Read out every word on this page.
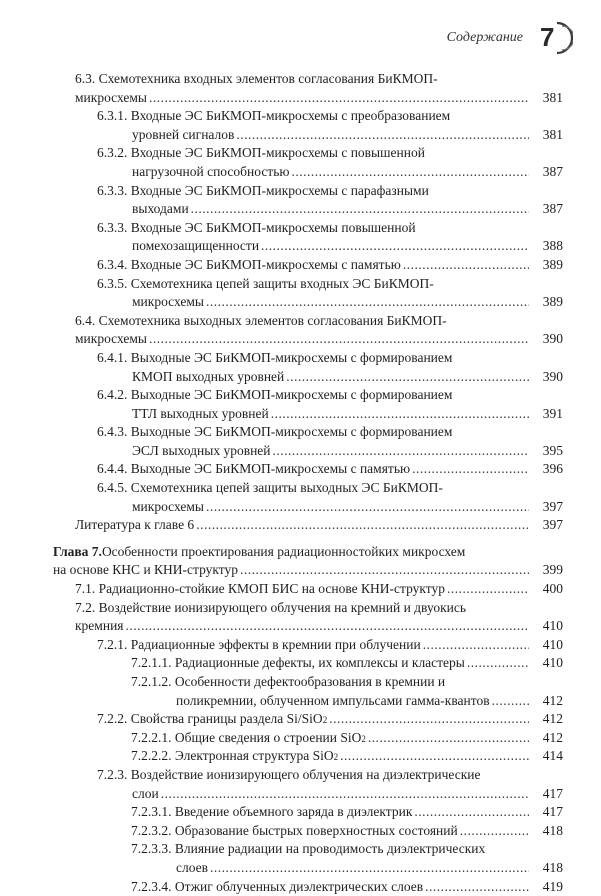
Содержание 7
6.3. Схемотехника входных элементов согласования БиКМОП-
микросхемы .....	381
6.3.1. Входные ЭС БиКМОП-микросхемы с преобразованием
уровней сигналов .....	381
6.3.2. Входные ЭС БиКМОП-микросхемы с повышенной
нагрузочной способностью .....	387
6.3.3. Входные ЭС БиКМОП-микросхемы с парафазными
выходами .....	387
6.3.3. Входные ЭС БиКМОП-микросхемы повышенной
помехозащищенности .....	388
6.3.4. Входные ЭС БиКМОП-микросхемы с памятью .....	389
6.3.5. Схемотехника цепей защиты входных ЭС БиКМОП-
микросхемы .....	389
6.4. Схемотехника выходных элементов согласования БиКМОП-
микросхемы .....	390
6.4.1. Выходные ЭС БиКМОП-микросхемы с формированием
КМОП выходных уровней .....	390
6.4.2. Выходные ЭС БиКМОП-микросхемы с формированием
ТТЛ выходных уровней .....	391
6.4.3. Выходные ЭС БиКМОП-микросхемы с формированием
ЭСЛ выходных уровней .....	395
6.4.4. Выходные ЭС БиКМОП-микросхемы с памятью .....	396
6.4.5. Схемотехника цепей защиты выходных ЭС БиКМОП-
микросхемы .....	397
Литература к главе 6 .....	397
Глава 7. Особенности проектирования радиационностойких микросхем
на основе КНС и КНИ-структур .....	399
7.1. Радиационно-стойкие КМОП БИС на основе КНИ-структур .....	400
7.2. Воздействие ионизирующего облучения на кремний и двуокись
кремния .....	410
7.2.1. Радиационные эффекты в кремнии при облучении .....	410
7.2.1.1. Радиационные дефекты, их комплексы и кластеры .....	410
7.2.1.2. Особенности дефектообразования в кремнии и
поликремнии, облученном импульсами гамма-квантов .....	412
7.2.2. Свойства границы раздела Si/SiO 2 .....	412
7.2.2.1. Общие сведения о строении SiO 2 .....	412
7.2.2.2. Электронная структура SiO 2 .....	414
7.2.3. Воздействие ионизирующего облучения на диэлектрические
слои .....	417
7.2.3.1. Введение объемного заряда в диэлектрик .....	417
7.2.3.2. Образование быстрых поверхностных состояний .....	418
7.2.3.3. Влияние радиации на проводимость диэлектрических
слоев .....	418
7.2.3.4. Отжиг облученных диэлектрических слоев .....	419
